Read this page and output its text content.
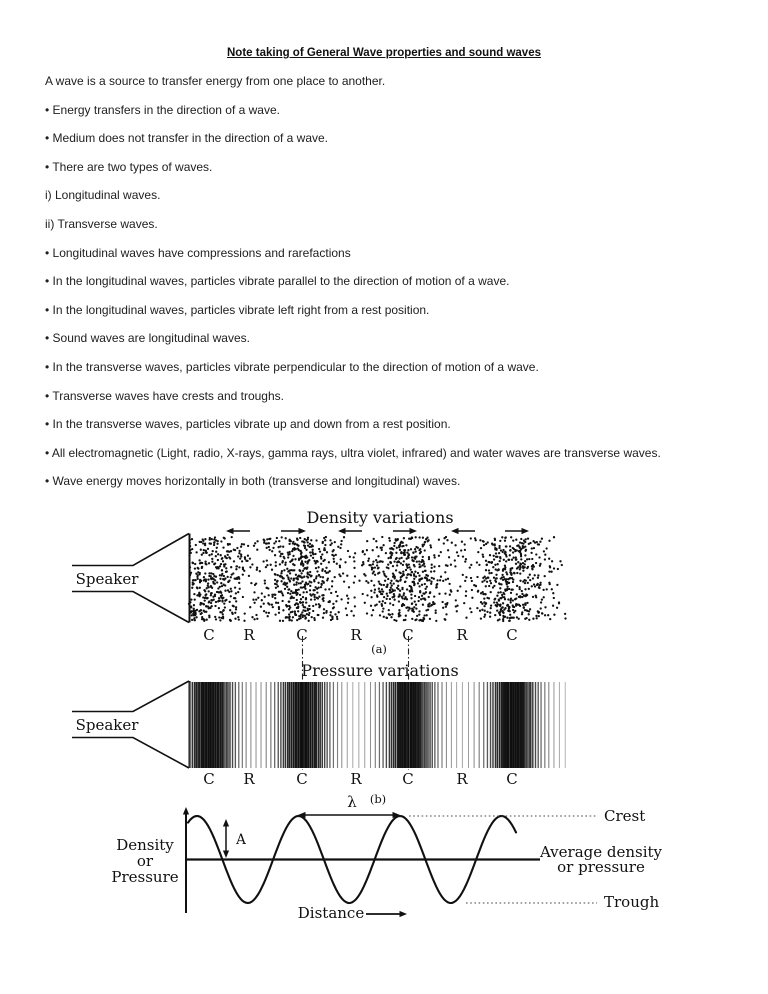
Note taking of General Wave properties and sound waves

A wave is a source to transfer energy from one place to another.

• Energy transfers in the direction of a wave.

• Medium does not transfer in the direction of a wave.

• There are two types of waves.

i) Longitudinal waves.

ii) Transverse waves.

• Longitudinal waves have compressions and rarefactions

• In the longitudinal waves, particles vibrate parallel to the direction of motion of a wave.

• In the longitudinal waves, particles vibrate left right from a rest position.

• Sound waves are longitudinal waves.

• In the transverse waves, particles vibrate perpendicular to the direction of motion of a wave.

• Transverse waves have crests and troughs.

• In the transverse waves, particles vibrate up and down from a rest position.

• All electromagnetic (Light, radio, X-rays, gamma rays, ultra violet, infrared) and water waves are transverse waves.

• Wave energy moves horizontally in both (transverse and longitudinal) waves.

Density variations
Speaker
C R	C	R	C	R	C
(a)
Pressure variations
Speaker
C R	C	R	C	R	C
λ (b)
A
Crest
Average density
or pressure
Trough
Density
or
Pressure
Distance
